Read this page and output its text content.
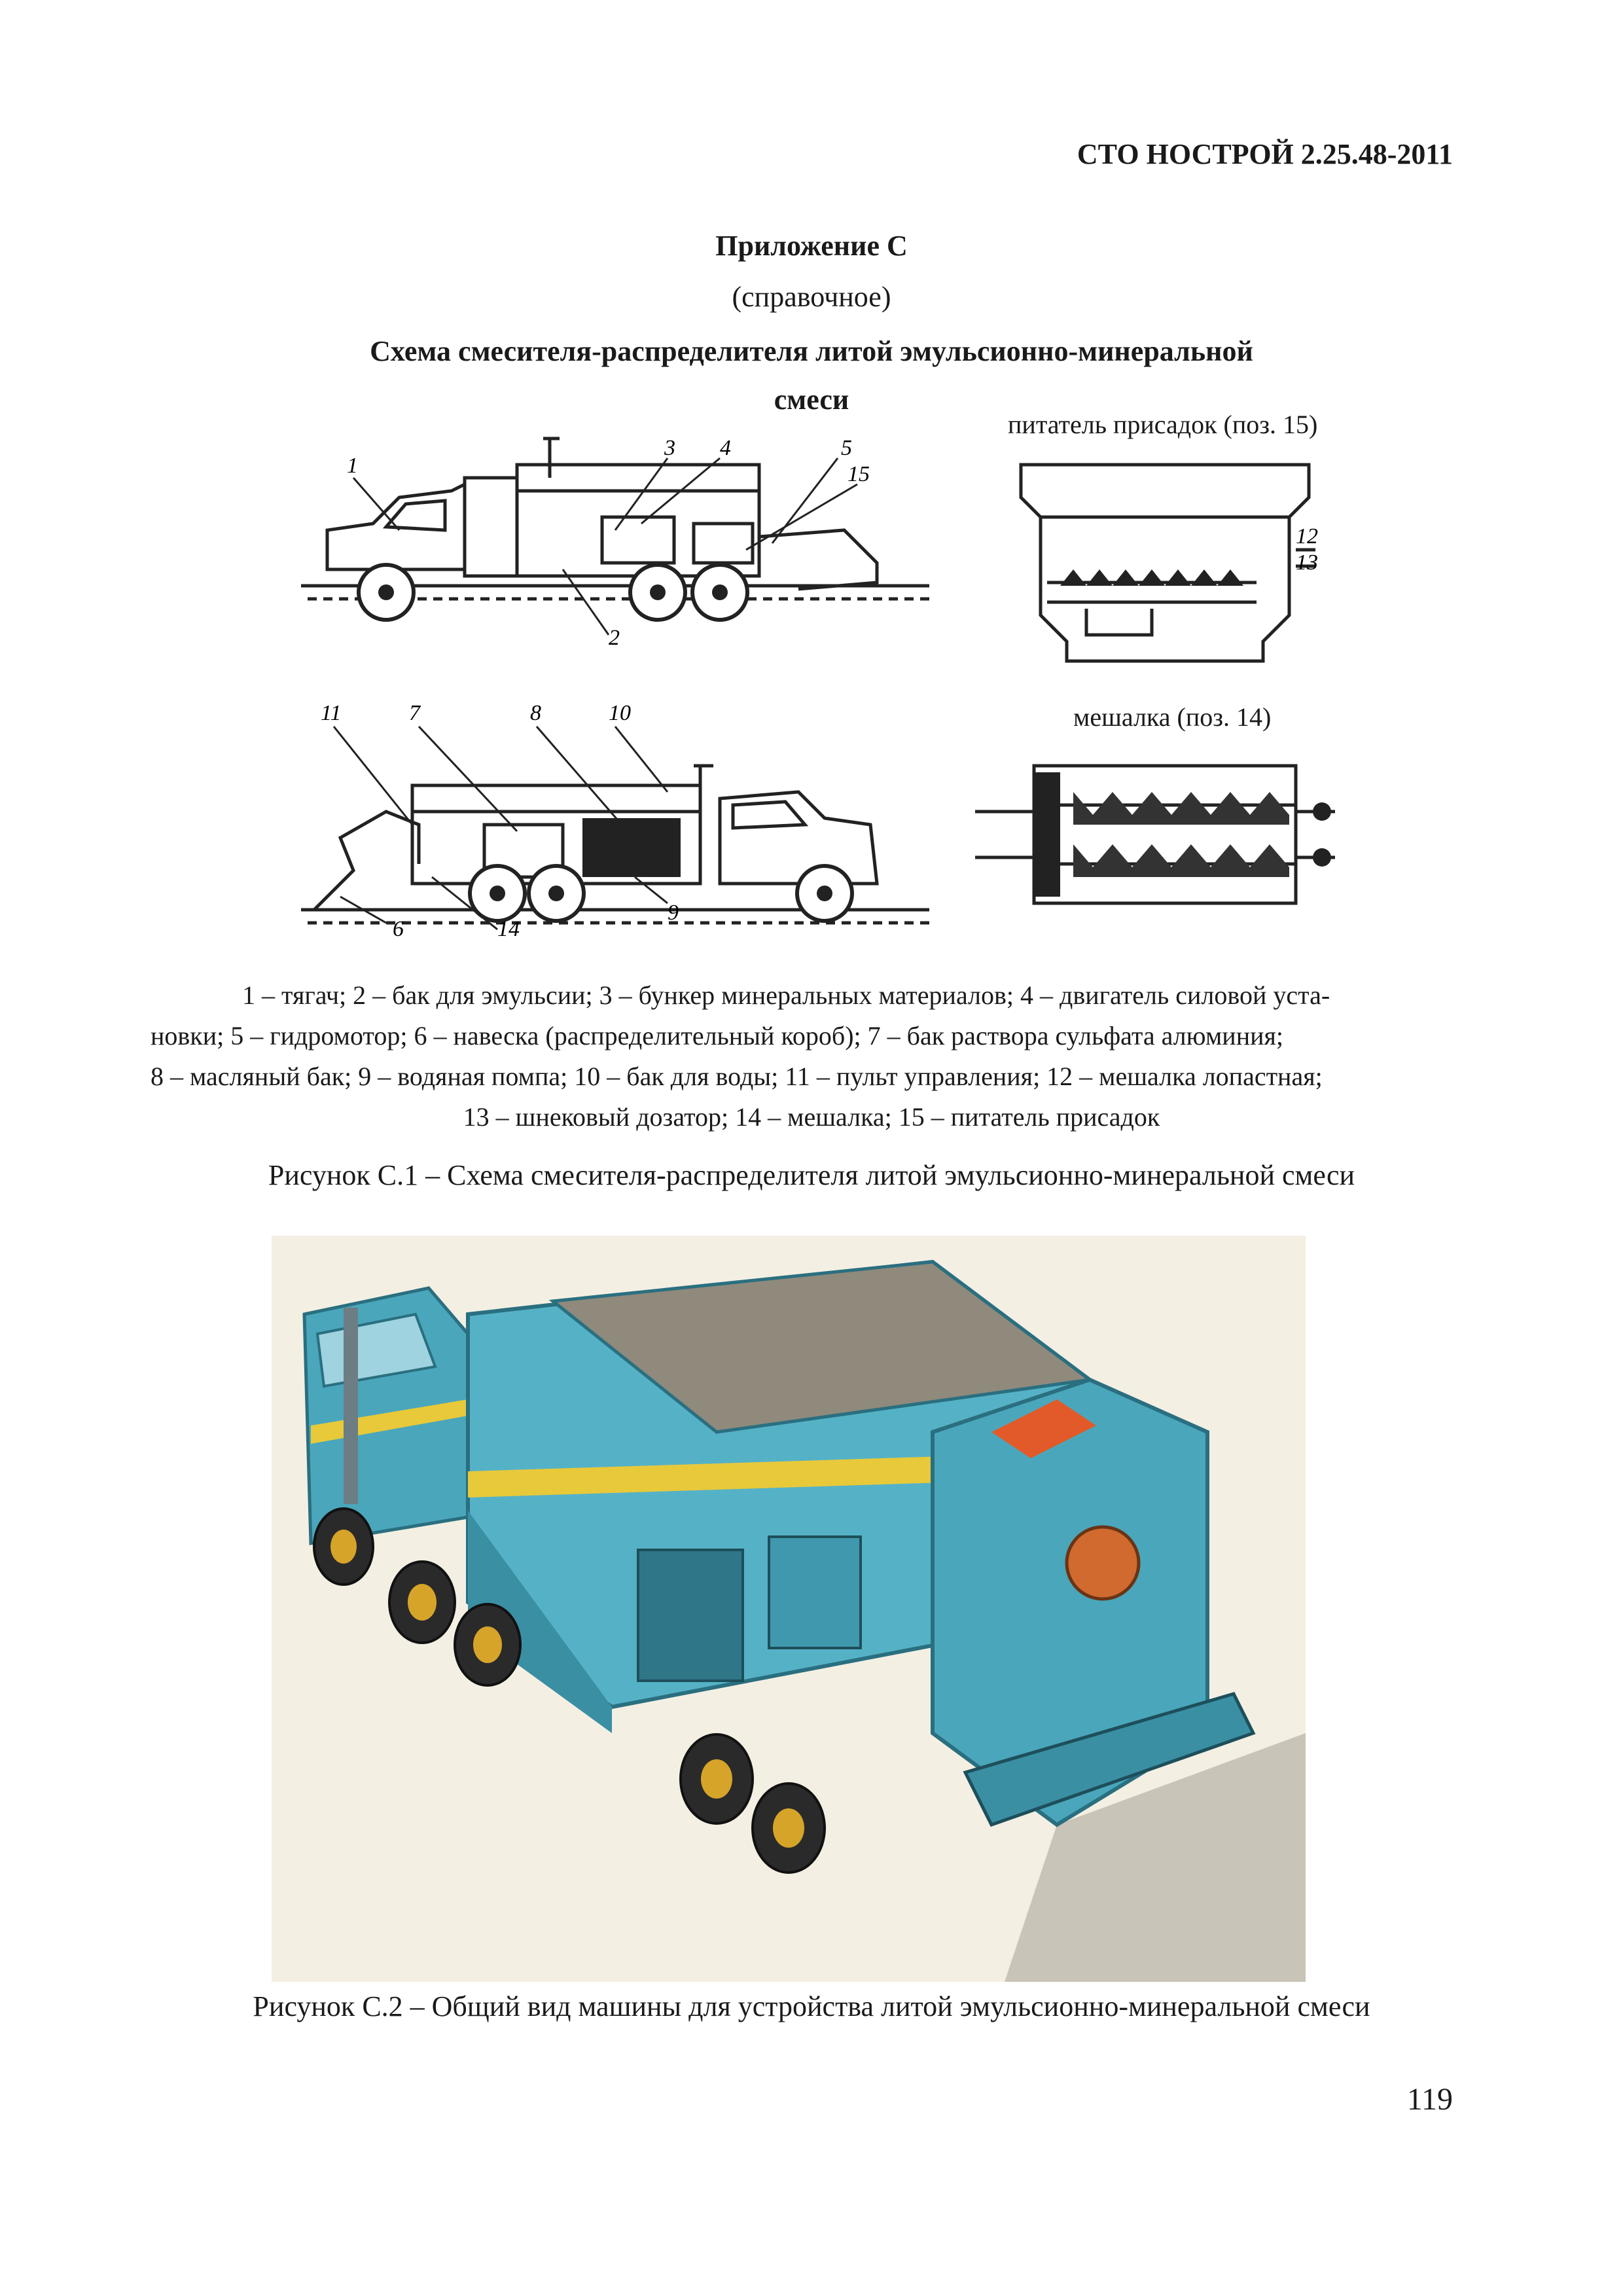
СТО НОСТРОЙ 2.25.48-2011
Приложение С
(справочное)
Схема смесителя-распределителя литой эмульсионно-минеральной
смеси
1
2
3 4	5
15
питатель присадок (поз. 15)
12
13
11	7	8	10
6	14
9
мешалка (поз. 14)

1 – тягач; 2 – бак для эмульсии; 3 – бункер минеральных материалов; 4 – двигатель силовой уста-

новки; 5 – гидромотор; 6 – навеска (распределительный короб); 7 – бак раствора сульфата алюминия;

8 – масляный бак; 9 – водяная помпа; 10 – бак для воды; 11 – пульт управления; 12 – мешалка лопастная;

13 – шнековый дозатор; 14 – мешалка; 15 – питатель присадок

Рисунок С.1 – Схема смесителя-распределителя литой эмульсионно-минеральной смеси
Рисунок С.2 – Общий вид машины для устройства литой эмульсионно-минеральной смеси
119
